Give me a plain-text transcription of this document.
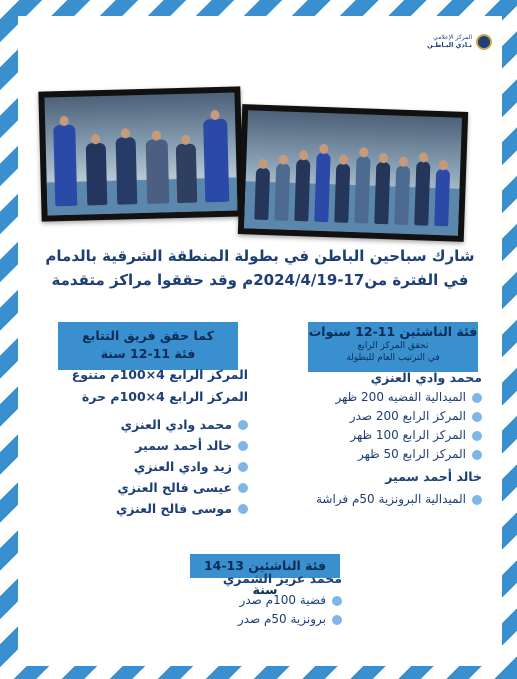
المركز الإعلامي
نـادي البـاطـن
شارك سباحين الباطن في بطولة المنطقة الشرقية بالدمام
في الفترة من17-2024/4/19م وقد حققوا مراكز متقدمة
فئة الناشئين 11-12 سنوات
تحقق المركز الرابع
في الترتيب العام للبطولة
كما حقق فريق التتابع
فئة 11-12 سنة
محمد وادي العنزي
الميدالية الفضيه 200 ظهر
المركز الرابع 200 صدر
المركز الرابع 100 ظهر
المركز الرابع 50 ظهر
خالد أحمد سمير
الميدالية البرونزية 50م فراشة
المركز الرابع 4×100م متنوع
المركز الرابع 4×100م حرة
محمد وادي العنزي
خالد أحمد سمير
زيد وادي العنزي
عيسى فالح العنزي
موسى فالح العنزي
فئة الناشئين 13-14 سنة
محمد عزيز الشمري
فضية 100م صدر
برونزية 50م صدر
